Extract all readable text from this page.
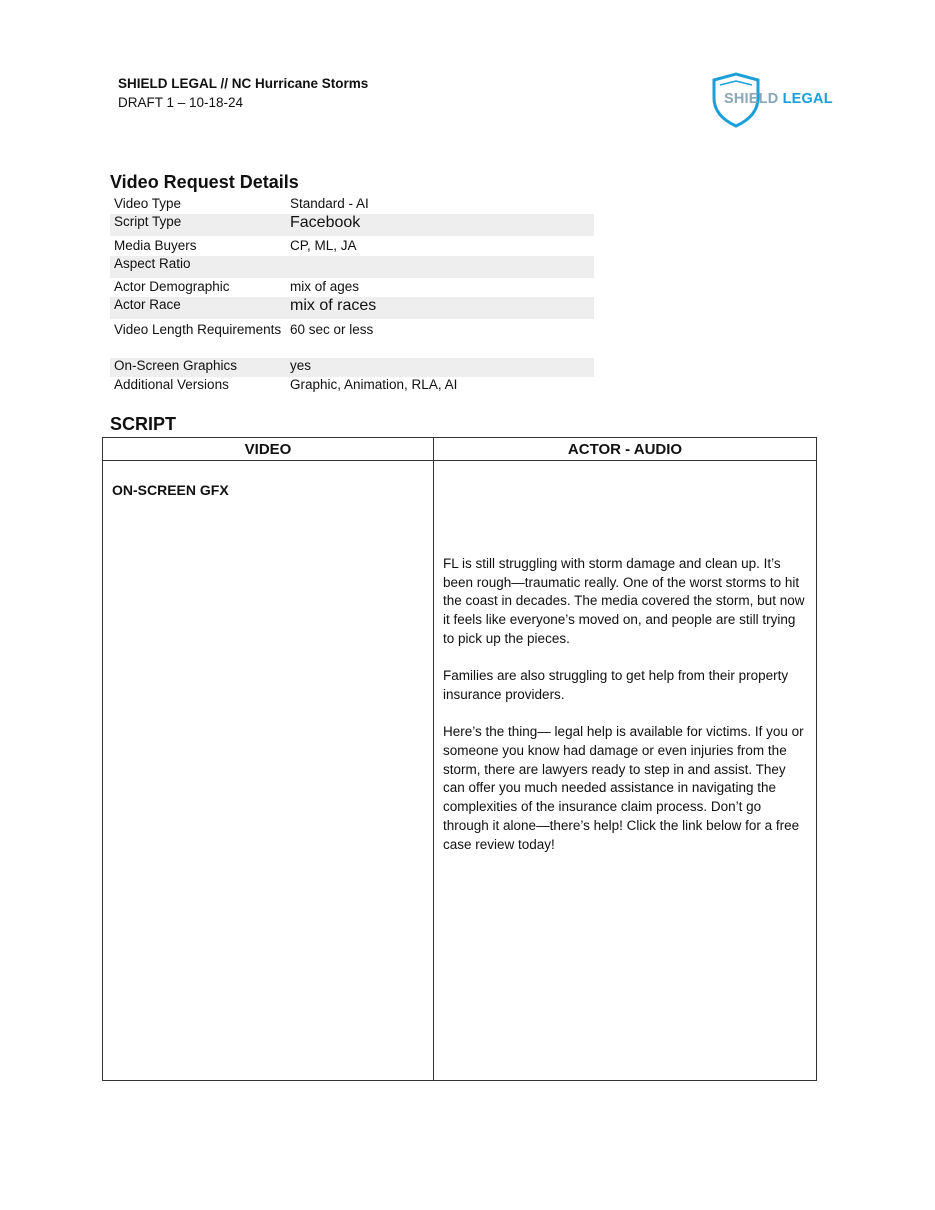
SHIELD LEGAL // NC Hurricane Storms
DRAFT 1 – 10-18-24	SHIELD LEGAL
Video Request Details
Video Type	Standard - AI
Script Type	Facebook
Media Buyers	CP, ML, JA
Aspect Ratio
Actor Demographic	mix of ages
Actor Race	mix of races
Video Length Requirements 60 sec or less
On-Screen Graphics	yes
Additional Versions	Graphic, Animation, RLA, AI
SCRIPT
VIDEO	ACTOR - AUDIO

ON-SCREEN GFX	FL is still struggling with storm damage and clean up. It’s been rough—traumatic really. One of the worst storms to hit the coast in decades. The media covered the storm, but now it feels like everyone’s moved on, and people are still trying to pick up the pieces.

Families are also struggling to get help from their property insurance providers.

Here’s the thing— legal help is available for victims. If you or someone you know had damage or even injuries from the storm, there are lawyers ready to step in and assist. They can offer you much needed assistance in navigating the complexities of the insurance claim process. Don’t go through it alone—there’s help! Click the link below for a free case review today!
